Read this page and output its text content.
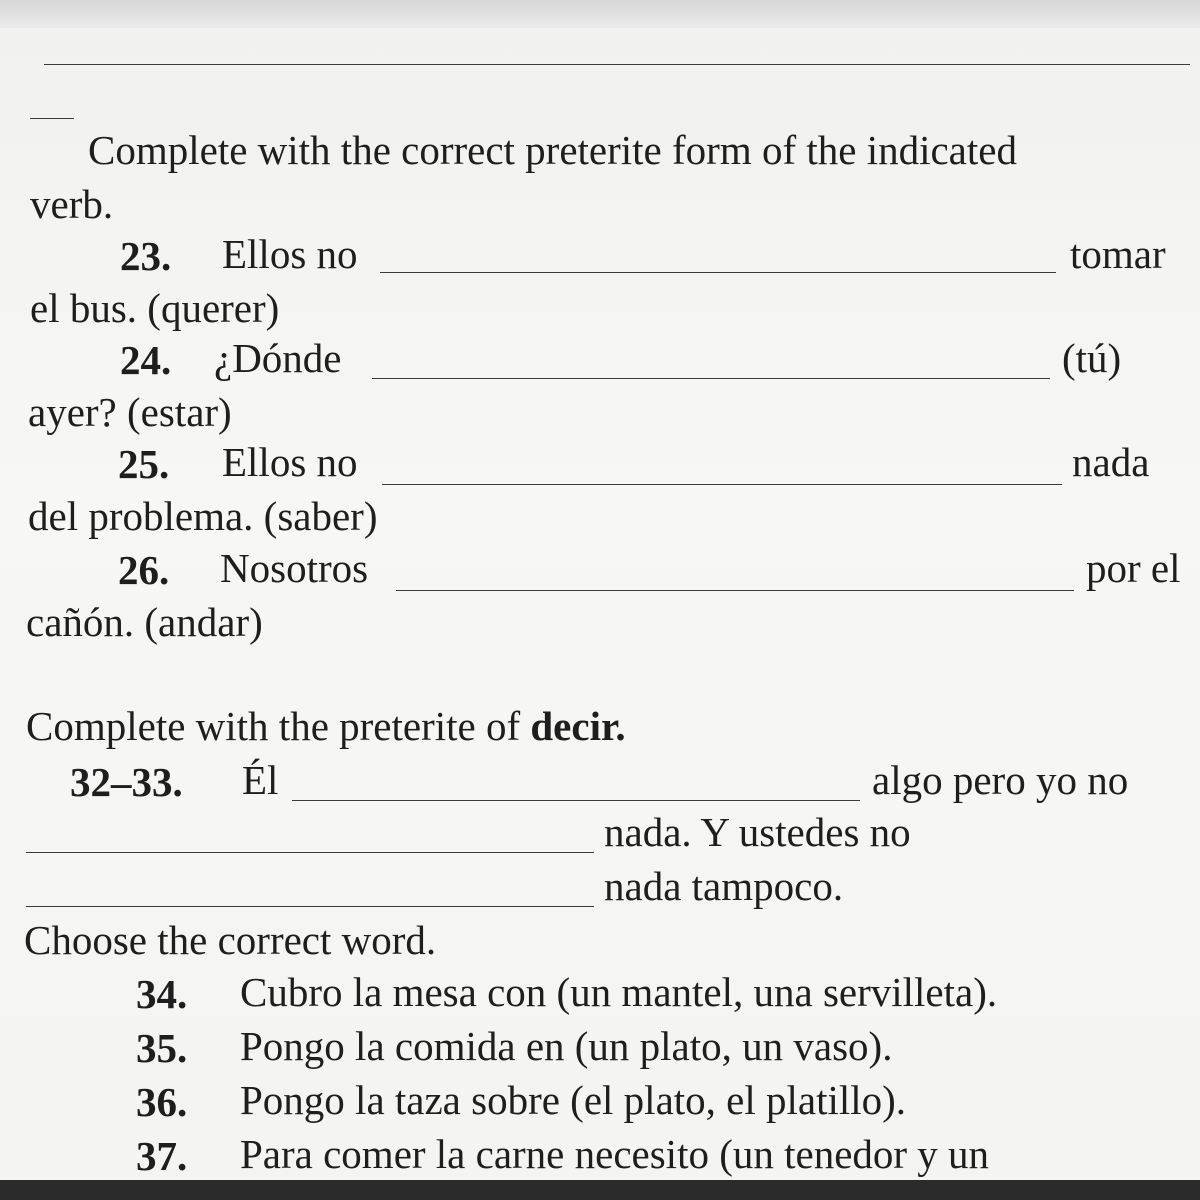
Complete with the correct preterite form of the indicated
verb.
23. Ellos no	tomar
el bus. (querer)
24. ¿Dónde	(tú)
ayer? (estar)
25. Ellos no	nada
del problema. (saber)
26. Nosotros	por el
cañón. (andar)
Complete with the preterite of decir.
32–33. Él	algo pero yo no
nada. Y ustedes no
nada tampoco.
Choose the correct word.
34. Cubro la mesa con (un mantel, una servilleta).
35. Pongo la comida en (un plato, un vaso).
36. Pongo la taza sobre (el plato, el platillo).
37. Para comer la carne necesito (un tenedor y un
